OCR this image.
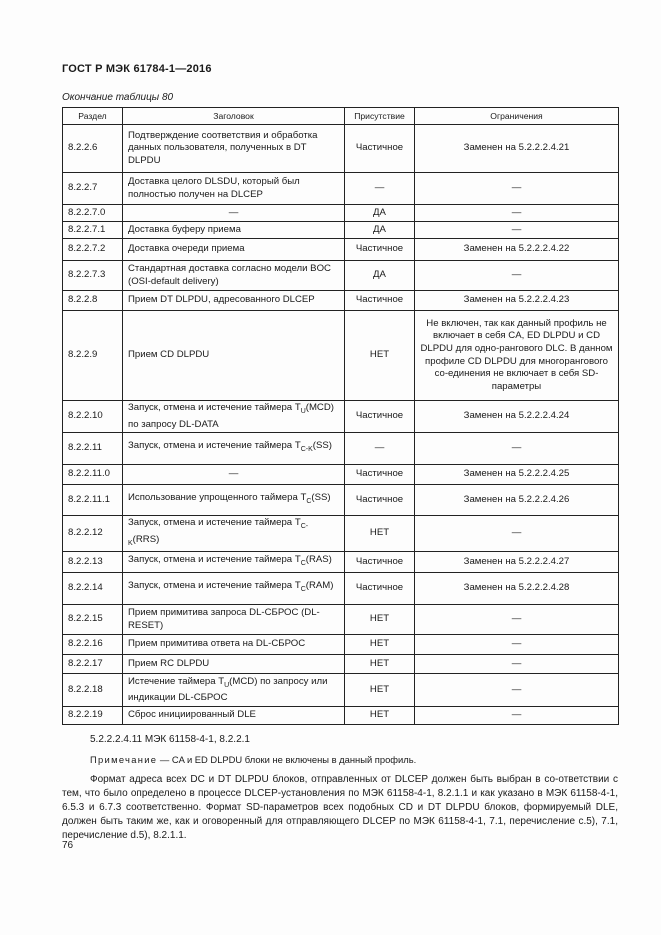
ГОСТ Р МЭК 61784-1—2016
Окончание таблицы 80
Раздел	Заголовок	Присутствие	Ограничения
8.2.2.6	Подтверждение соответствия и обработка данных пользователя, полученных в DT DLPDU	Частичное	Заменен на 5.2.2.2.4.21
8.2.2.7	Доставка целого DLSDU, который был полностью получен на DLCEP	—	—
8.2.2.7.0	—	ДА	—
8.2.2.7.1	Доставка буферу приема	ДА	—
8.2.2.7.2	Доставка очереди приема	Частичное	Заменен на 5.2.2.2.4.22
8.2.2.7.3	Стандартная доставка согласно модели BOC (OSI-default delivery)	ДА	—
8.2.2.8	Прием DT DLPDU, адресованного DLCEP	Частичное	Заменен на 5.2.2.2.4.23
8.2.2.9	Прием CD DLPDU	НЕТ	Не включен, так как данный профиль не включает в себя CA, ED DLPDU и CD DLPDU для одно-рангового DLC. В данном профиле CD DLPDU для многорангового со-единения не включает в себя SD-параметры
8.2.2.10	Запуск, отмена и истечение таймера $T_U(MCD)$ по запросу DL-DATA	Частичное	Заменен на 5.2.2.2.4.24
8.2.2.11	Запуск, отмена и истечение таймера $T_{C-K}(SS)$	—	—
8.2.2.11.0	—	Частичное	Заменен на 5.2.2.2.4.25
8.2.2.11.1	Использование упрощенного таймера $T_C(SS)$	Частичное	Заменен на 5.2.2.2.4.26
8.2.2.12	Запуск, отмена и истечение таймера $T_{C-K}(RRS)$	НЕТ	—
8.2.2.13	Запуск, отмена и истечение таймера $T_C(RAS)$	Частичное	Заменен на 5.2.2.2.4.27
8.2.2.14	Запуск, отмена и истечение таймера $T_C(RAM)$	Частичное	Заменен на 5.2.2.2.4.28
8.2.2.15	Прием примитива запроса DL-СБРОС (DL-RESET)	НЕТ	—
8.2.2.16	Прием примитива ответа на DL-СБРОС	НЕТ	—
8.2.2.17	Прием RC DLPDU	НЕТ	—
8.2.2.18	Истечение таймера $T_U(MCD)$ по запросу или индикации DL-СБРОС	НЕТ	—
8.2.2.19	Сброс инициированный DLE	НЕТ	—
5.2.2.2.4.11 МЭК 61158-4-1, 8.2.2.1
Примечание — CA и ED DLPDU блоки не включены в данный профиль.
Формат адреса всех DC и DT DLPDU блоков, отправленных от DLCEP должен быть выбран в со-ответствии с тем, что было определено в процессе DLCEP-установления по МЭК 61158-4-1, 8.2.1.1 и как указано в МЭК 61158-4-1, 6.5.3 и 6.7.3 соответственно. Формат SD-параметров всех подобных CD и DT DLPDU блоков, формируемый DLE, должен быть таким же, как и оговоренный для отправляющего DLCEP по МЭК 61158-4-1, 7.1, перечисление с.5), 7.1, перечисление d.5), 8.2.1.1.
76
